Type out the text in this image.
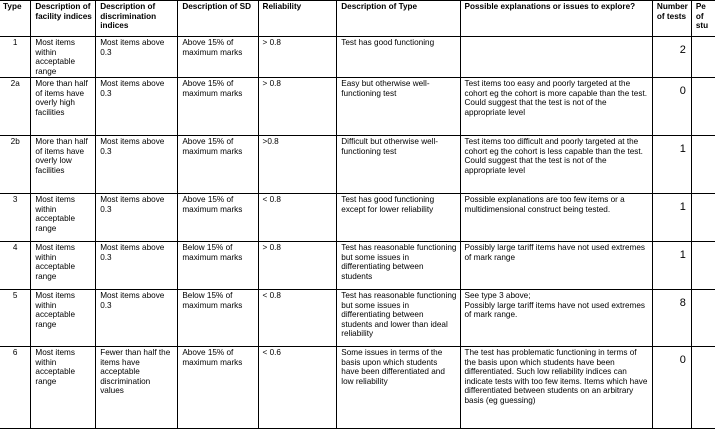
Type	Description of facility indices	Description of discrimination indices	Description of SD	Reliability	Description of Type	Possible explanations or issues to explore?	Number of tests	Pe
of
stu
1	Most items within acceptable range	Most items above 0.3	Above 15% of maximum marks	> 0.8	Test has good functioning		2	
2a	More than half of items have overly high facilities	Most items above 0.3	Above 15% of maximum marks	> 0.8	Easy but otherwise well-functioning test	Test items too easy and poorly targeted at the cohort eg the cohort is more capable than the test.
Could suggest that the test is not of the appropriate level	0	
2b	More than half of items have overly low facilities	Most items above 0.3	Above 15% of maximum marks	>0.8	Difficult but otherwise well-functioning test	Test items too difficult and poorly targeted at the cohort eg the cohort is less capable than the test.
Could suggest that the test is not of the appropriate level	1	
3	Most items within acceptable range	Most items above 0.3	Above 15% of maximum marks	< 0.8	Test has good functioning except for lower reliability	Possible explanations are too few items or a multidimensional construct being tested.	1	
4	Most items within acceptable range	Most items above 0.3	Below 15% of maximum marks	> 0.8	Test has reasonable functioning but some issues in differentiating between students	Possibly large tariff items have not used extremes of mark range	1	
5	Most items within acceptable range	Most items above 0.3	Below 15% of maximum marks	< 0.8	Test has reasonable functioning but some issues in differentiating between students and lower than ideal reliability	See type 3 above;
Possibly large tariff items have not used extremes of mark range.	8	
6	Most items within acceptable range	Fewer than half the items have acceptable discrimination values	Above 15% of maximum marks	< 0.6	Some issues in terms of the basis upon which students have been differentiated and low reliability	The test has problematic functioning in terms of the basis upon which students have been differentiated. Such low reliability indices can indicate tests with too few items. Items which have differentiated between students on an arbitrary basis (eg guessing)	0	
